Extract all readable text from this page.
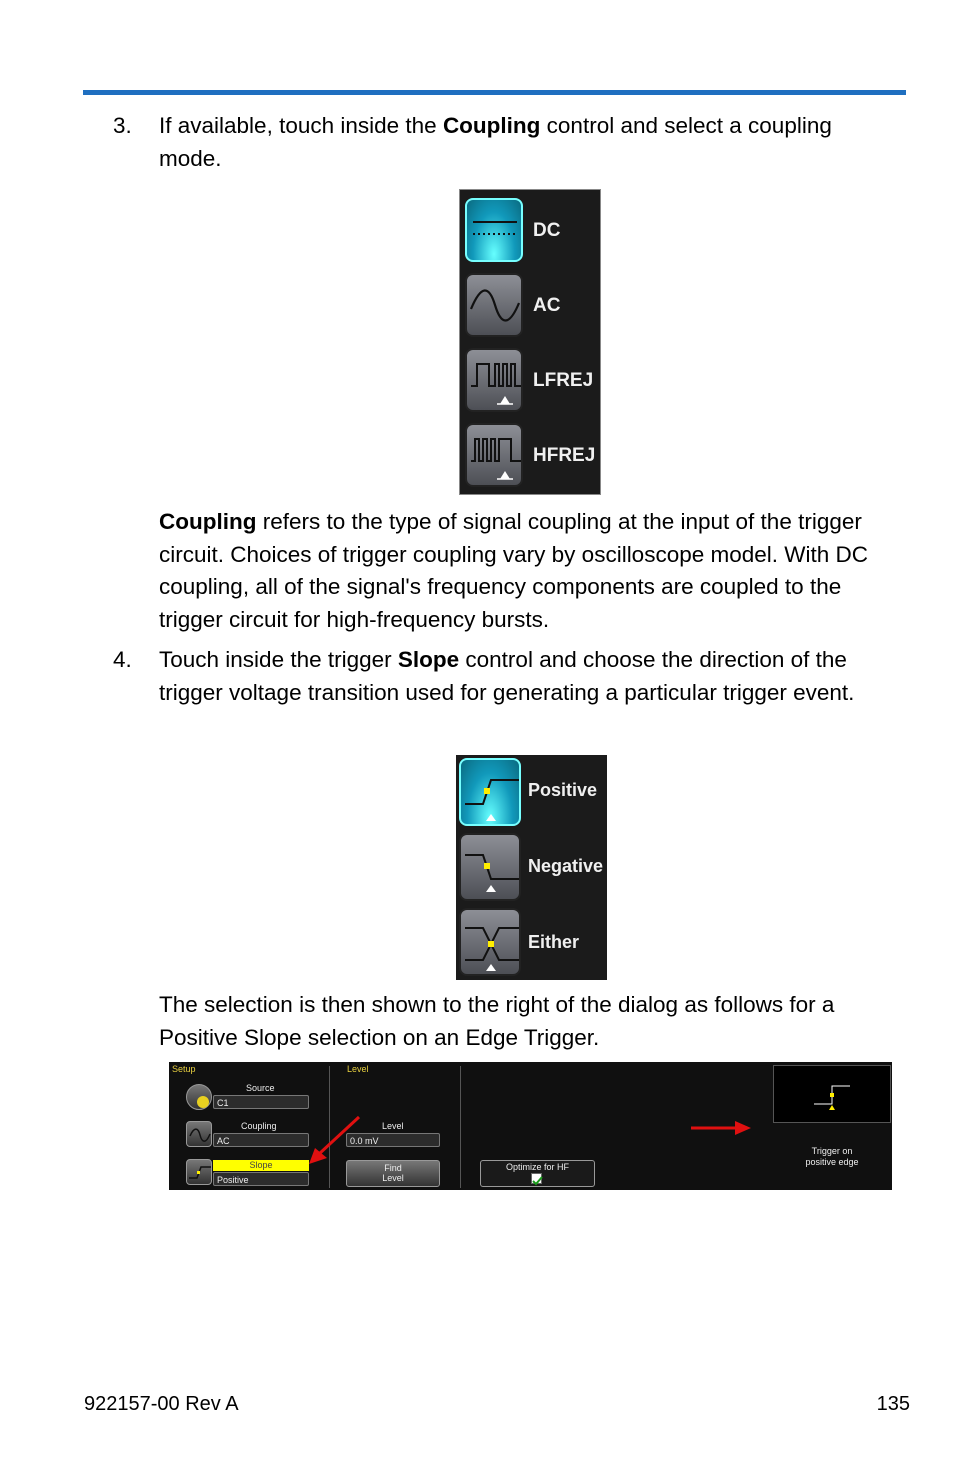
3. If available, touch inside the Coupling control and select a coupling mode.
DC
AC
LFREJ
HFREJ
Coupling refers to the type of signal coupling at the input of the trigger circuit. Choices of trigger coupling vary by oscilloscope model. With DC coupling, all of the signal's frequency components are coupled to the trigger circuit for high-frequency bursts.
4. Touch inside the trigger Slope control and choose the direction of the trigger voltage transition used for generating a particular trigger event.
Positive
Negative
Either
The selection is then shown to the right of the dialog as follows for a Positive Slope selection on an Edge Trigger.
Setup	Level
Source
C1
Coupling
AC
Slope
Positive
Level
0.0 mV
Find
Level
Optimize for HF
Trigger on
positive edge
922157-00 Rev A	135
